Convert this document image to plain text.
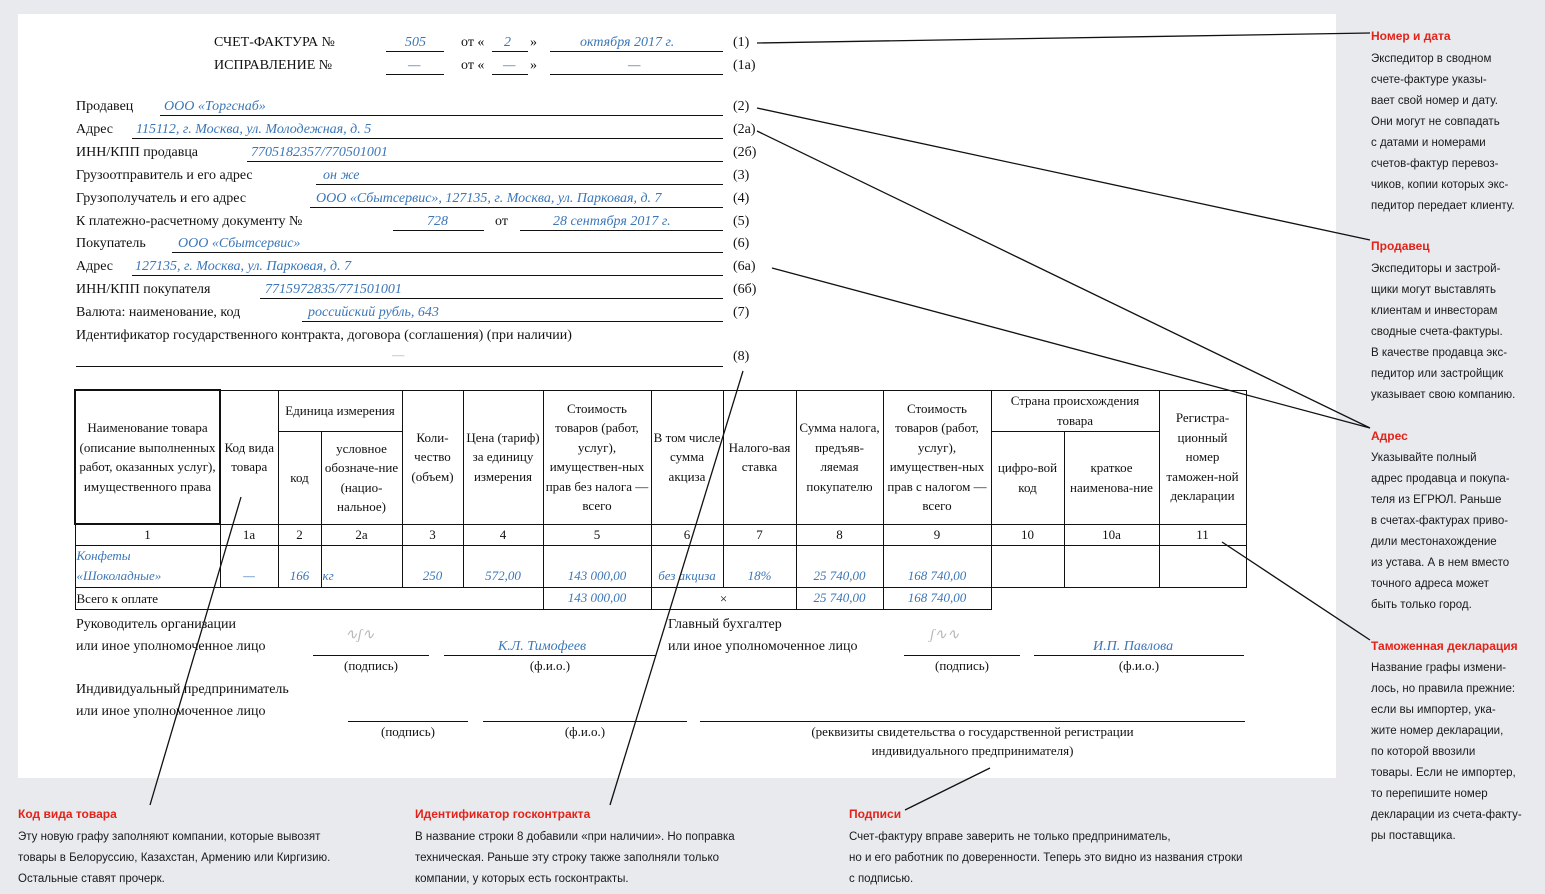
СЧЕТ-ФАКТУРА №	505	от « 2 »	октября 2017 г.	(1)
ИСПРАВЛЕНИЕ №	—	от « — »	—	(1а)
Продавец ООО «Торгснаб»	(2)
Адрес 115112, г. Москва, ул. Молодежная, д. 5	(2а)
ИНН/КПП продавца	7705182357/770501001	(2б)
Грузоотправитель и его адрес	он же	(3)
Грузополучатель и его адрес	ООО «Сбытсервис», 127135, г. Москва, ул. Парковая, д. 7	(4)
К платежно-расчетному документу №	728	от	28 сентября 2017 г.	(5)
Покупатель ООО «Сбытсервис»	(6)
Адрес 127135, г. Москва, ул. Парковая, д. 7	(6а)
ИНН/КПП покупателя	7715972835/771501001	(6б)
Валюта: наименование, код	российский рубль, 643	(7)
Идентификатор государственного контракта, договора (соглашения) (при наличии)
—	(8)
Наименование товара (описание выполненных работ, оказанных услуг), имущественного права	Код вида товара	Единица измерения		Коли-чество (объем)	Цена (тариф) за единицу измерения	Стоимость товаров (работ, услуг), имуществен-ных прав без налога — всего	В том числе сумма акциза	Налого-вая ставка	Сумма налога, предъяв-ляемая покупателю	Стоимость товаров (работ, услуг), имуществен-ных прав с налогом — всего	Страна происхождения товара		Регистра-ционный номер таможен-ной декларации
		код	условное обозначе-ние (нацио-нальное)								цифро-вой код	краткое наименова-ние	
1	1а	2	2а	3	4	5	6	7	8	9	10	10а	11
Конфеты
«Шоколадные»	—	166	кг	250	572,00	143 000,00	без акциза	18%	25 740,00	168 740,00			
Всего к оплате						143 000,00	×		25 740,00	168 740,00			
Руководитель организации
или иное уполномоченное лицо
∿ʃ∿
(подпись)
К.Л. Тимофеев
(ф.и.о.)
Главный бухгалтер
или иное уполномоченное лицо
ʃ∿∿
(подпись)
И.П. Павлова
(ф.и.о.)
Индивидуальный предприниматель
или иное уполномоченное лицо
(подпись)	(ф.и.о.)	(реквизиты свидетельства о государственной регистрации
индивидуального предпринимателя)
Номер и дата
Экспедитор в сводном
счете-фактуре указы-
вает свой номер и дату.
Они могут не совпадать
с датами и номерами
счетов-фактур перевоз-
чиков, копии которых экс-
педитор передает клиенту.
Продавец
Экспедиторы и застрой-
щики могут выставлять
клиентам и инвесторам
сводные счета-фактуры.
В качестве продавца экс-
педитор или застройщик
указывает свою компанию.
Адрес
Указывайте полный
адрес продавца и покупа-
теля из ЕГРЮЛ. Раньше
в счетах-фактурах приво-
дили местонахождение
из устава. А в нем вместо
точного адреса может
быть только город.
Таможенная декларация
Название графы измени-
лось, но правила прежние:
если вы импортер, ука-
жите номер декларации,
по которой ввозили
товары. Если не импортер,
то перепишите номер
декларации из счета-факту-
ры поставщика.
Код вида товара
Эту новую графу заполняют компании, которые вывозят
товары в Белоруссию, Казахстан, Армению или Киргизию.
Остальные ставят прочерк.
Идентификатор госконтракта
В название строки 8 добавили «при наличии». Но поправка
техническая. Раньше эту строку также заполняли только
компании, у которых есть госконтракты.
Подписи
Счет-фактуру вправе заверить не только предприниматель,
но и его работник по доверенности. Теперь это видно из названия строки
с подписью.
